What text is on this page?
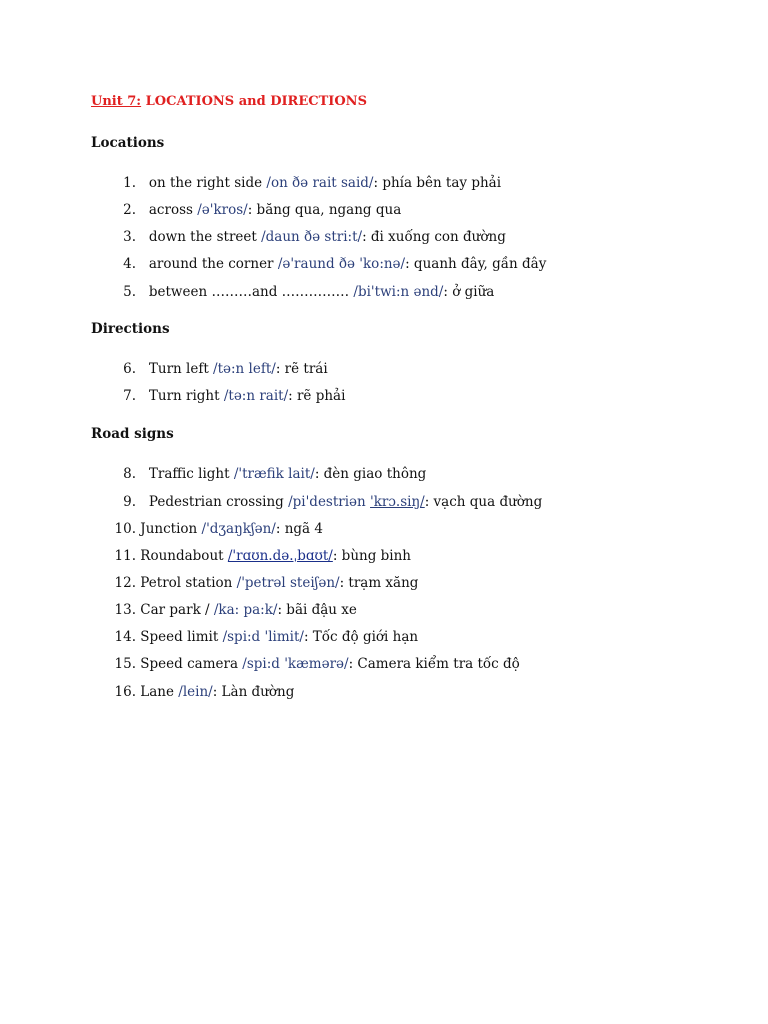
Unit 7: LOCATIONS and DIRECTIONS
Locations
1. on the right side /on ðə rait said/: phía bên tay phải
2. across /ə'kros/: băng qua, ngang qua
3. down the street /daun ðə stri:t/: đi xuống con đường
4. around the corner /ə'raund ðə 'ko:nə/: quanh đây, gần đây
5. between ………and …………… /bi'twi:n ənd/: ở giữa
Directions
6. Turn left /tə:n left/: rẽ trái
7. Turn right /tə:n rait/: rẽ phải
Road signs
8. Traffic light /'træfik lait/: đèn giao thông
9. Pedestrian crossing /pi'destriən 'krɔ.siŋ/: vạch qua đường
10. Junction /'dʒaŋkʃən/: ngã 4
11. Roundabout /'rɑʊn.də.ˌbɑʊt/: bùng binh
12. Petrol station /'petrəl steiʃən/: trạm xăng
13. Car park / /ka: pa:k/: bãi đậu xe
14. Speed limit /spi:d 'limit/: Tốc độ giới hạn
15. Speed camera /spi:d 'kæmərə/: Camera kiểm tra tốc độ
16. Lane /lein/: Làn đường
